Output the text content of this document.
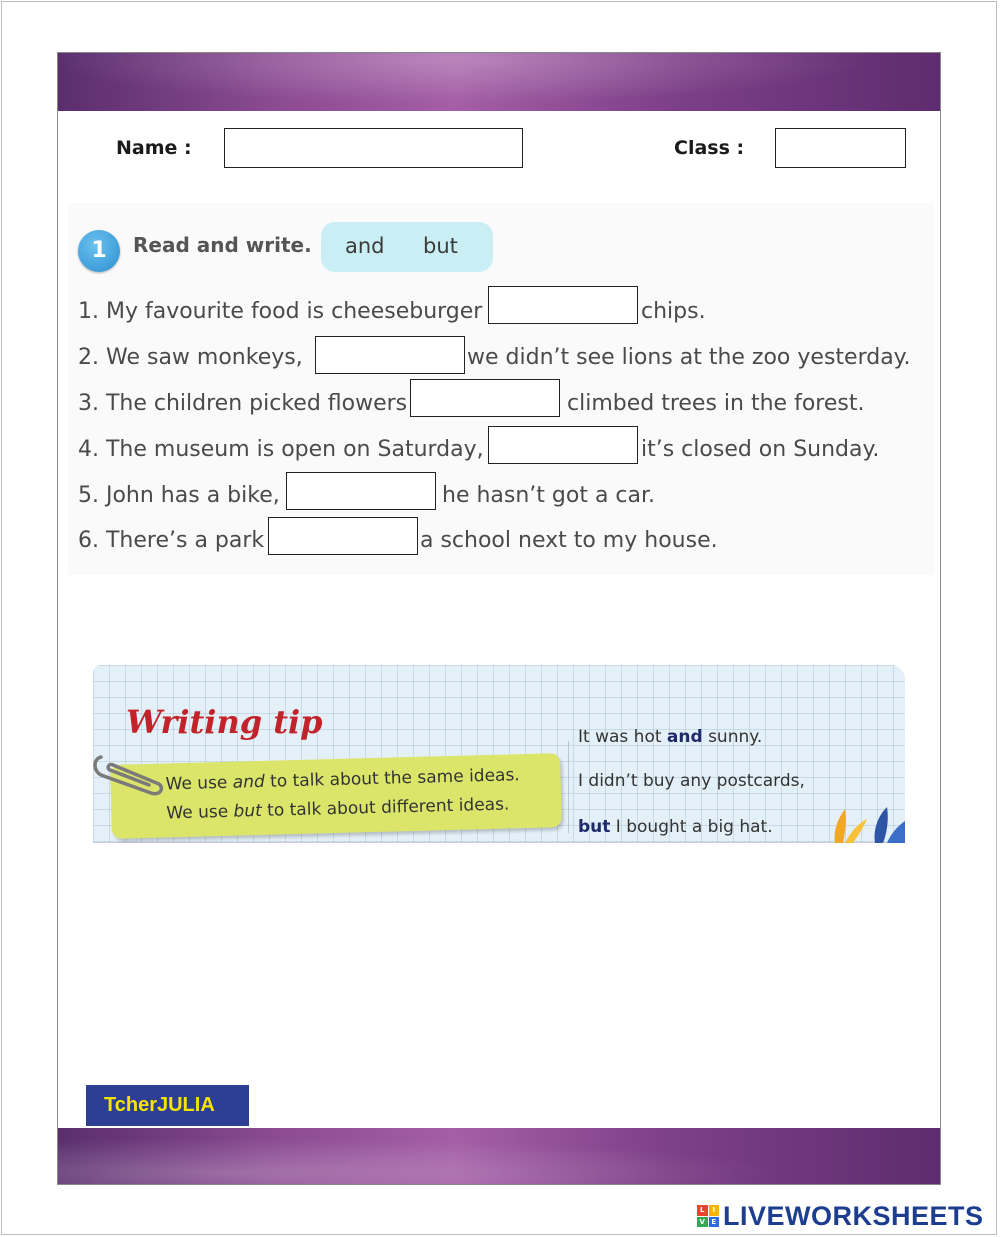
Name :	Class :
1	Read and write. and but
1. My favourite food is cheeseburger	chips.
2. We saw monkeys,	we didn’t see lions at the zoo yesterday.
3. The children picked flowers	climbed trees in the forest.
4. The museum is open on Saturday,	it’s closed on Sunday.
5. John has a bike,	he hasn’t got a car.
6. There’s a park	a school next to my house.
Writing tip
We use and to talk about the same ideas.
We use but to talk about different ideas.
It was hot and sunny.
I didn’t buy any postcards,
but I bought a big hat.
TcherJULIA
L	I
V E LIVEWORKSHEETS
